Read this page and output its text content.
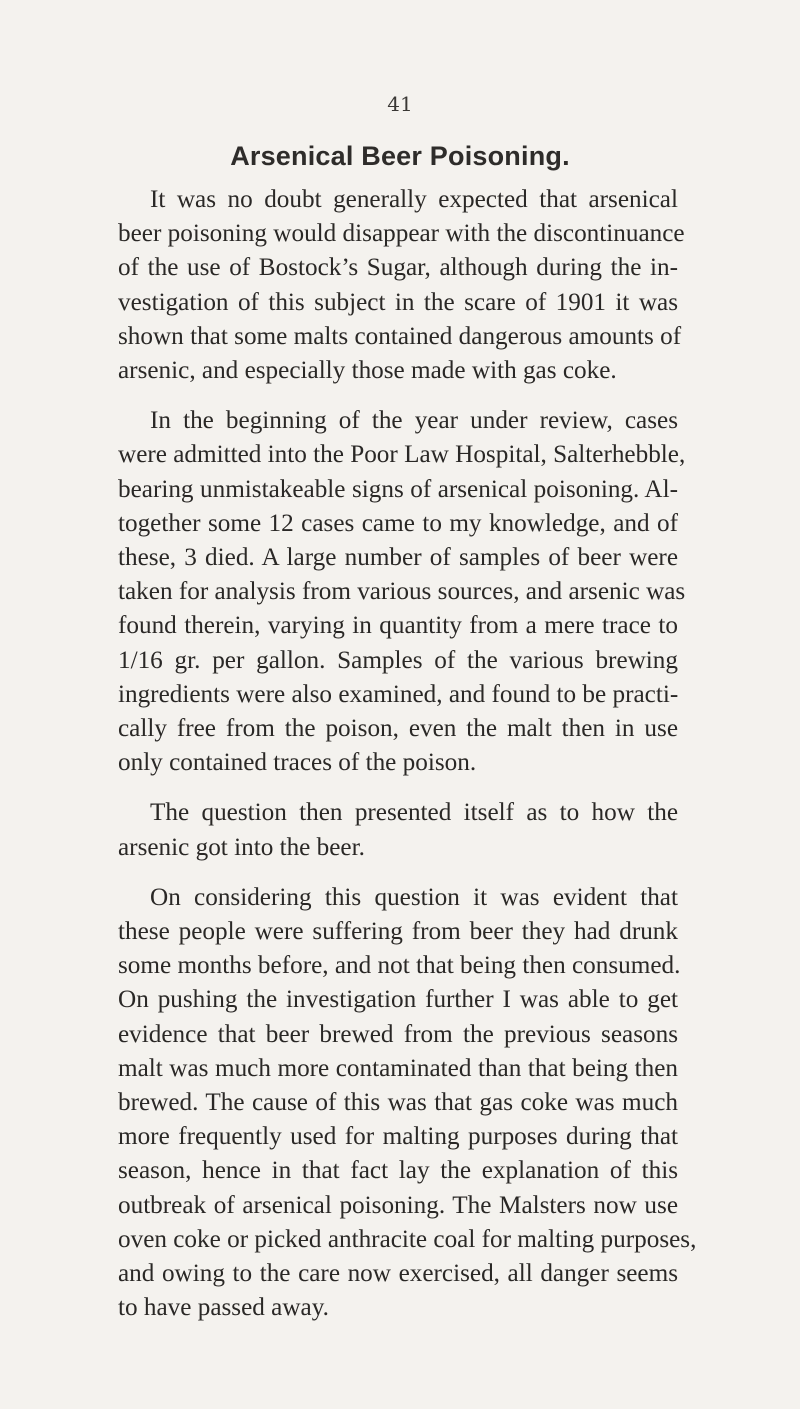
41
Arsenical Beer Poisoning.

It was no doubt generally expected that arsenical
beer poisoning would disappear with the discontinuance
of the use of Bostock’s Sugar, although during the in-
vestigation of this subject in the scare of 1901 it was
shown that some malts contained dangerous amounts of
arsenic, and especially those made with gas coke.

In the beginning of the year under review, cases
were admitted into the Poor Law Hospital, Salterhebble,
bearing unmistakeable signs of arsenical poisoning. Al-
together some 12 cases came to my knowledge, and of
these, 3 died. A large number of samples of beer were
taken for analysis from various sources, and arsenic was
found therein, varying in quantity from a mere trace to
1/16 gr. per gallon. Samples of the various brewing
ingredients were also examined, and found to be practi-
cally free from the poison, even the malt then in use
only contained traces of the poison.

The question then presented itself as to how the
arsenic got into the beer.

On considering this question it was evident that
these people were suffering from beer they had drunk
some months before, and not that being then consumed.
On pushing the investigation further I was able to get
evidence that beer brewed from the previous seasons
malt was much more contaminated than that being then
brewed. The cause of this was that gas coke was much
more frequently used for malting purposes during that
season, hence in that fact lay the explanation of this
outbreak of arsenical poisoning. The Malsters now use
oven coke or picked anthracite coal for malting purposes,
and owing to the care now exercised, all danger seems
to have passed away.
